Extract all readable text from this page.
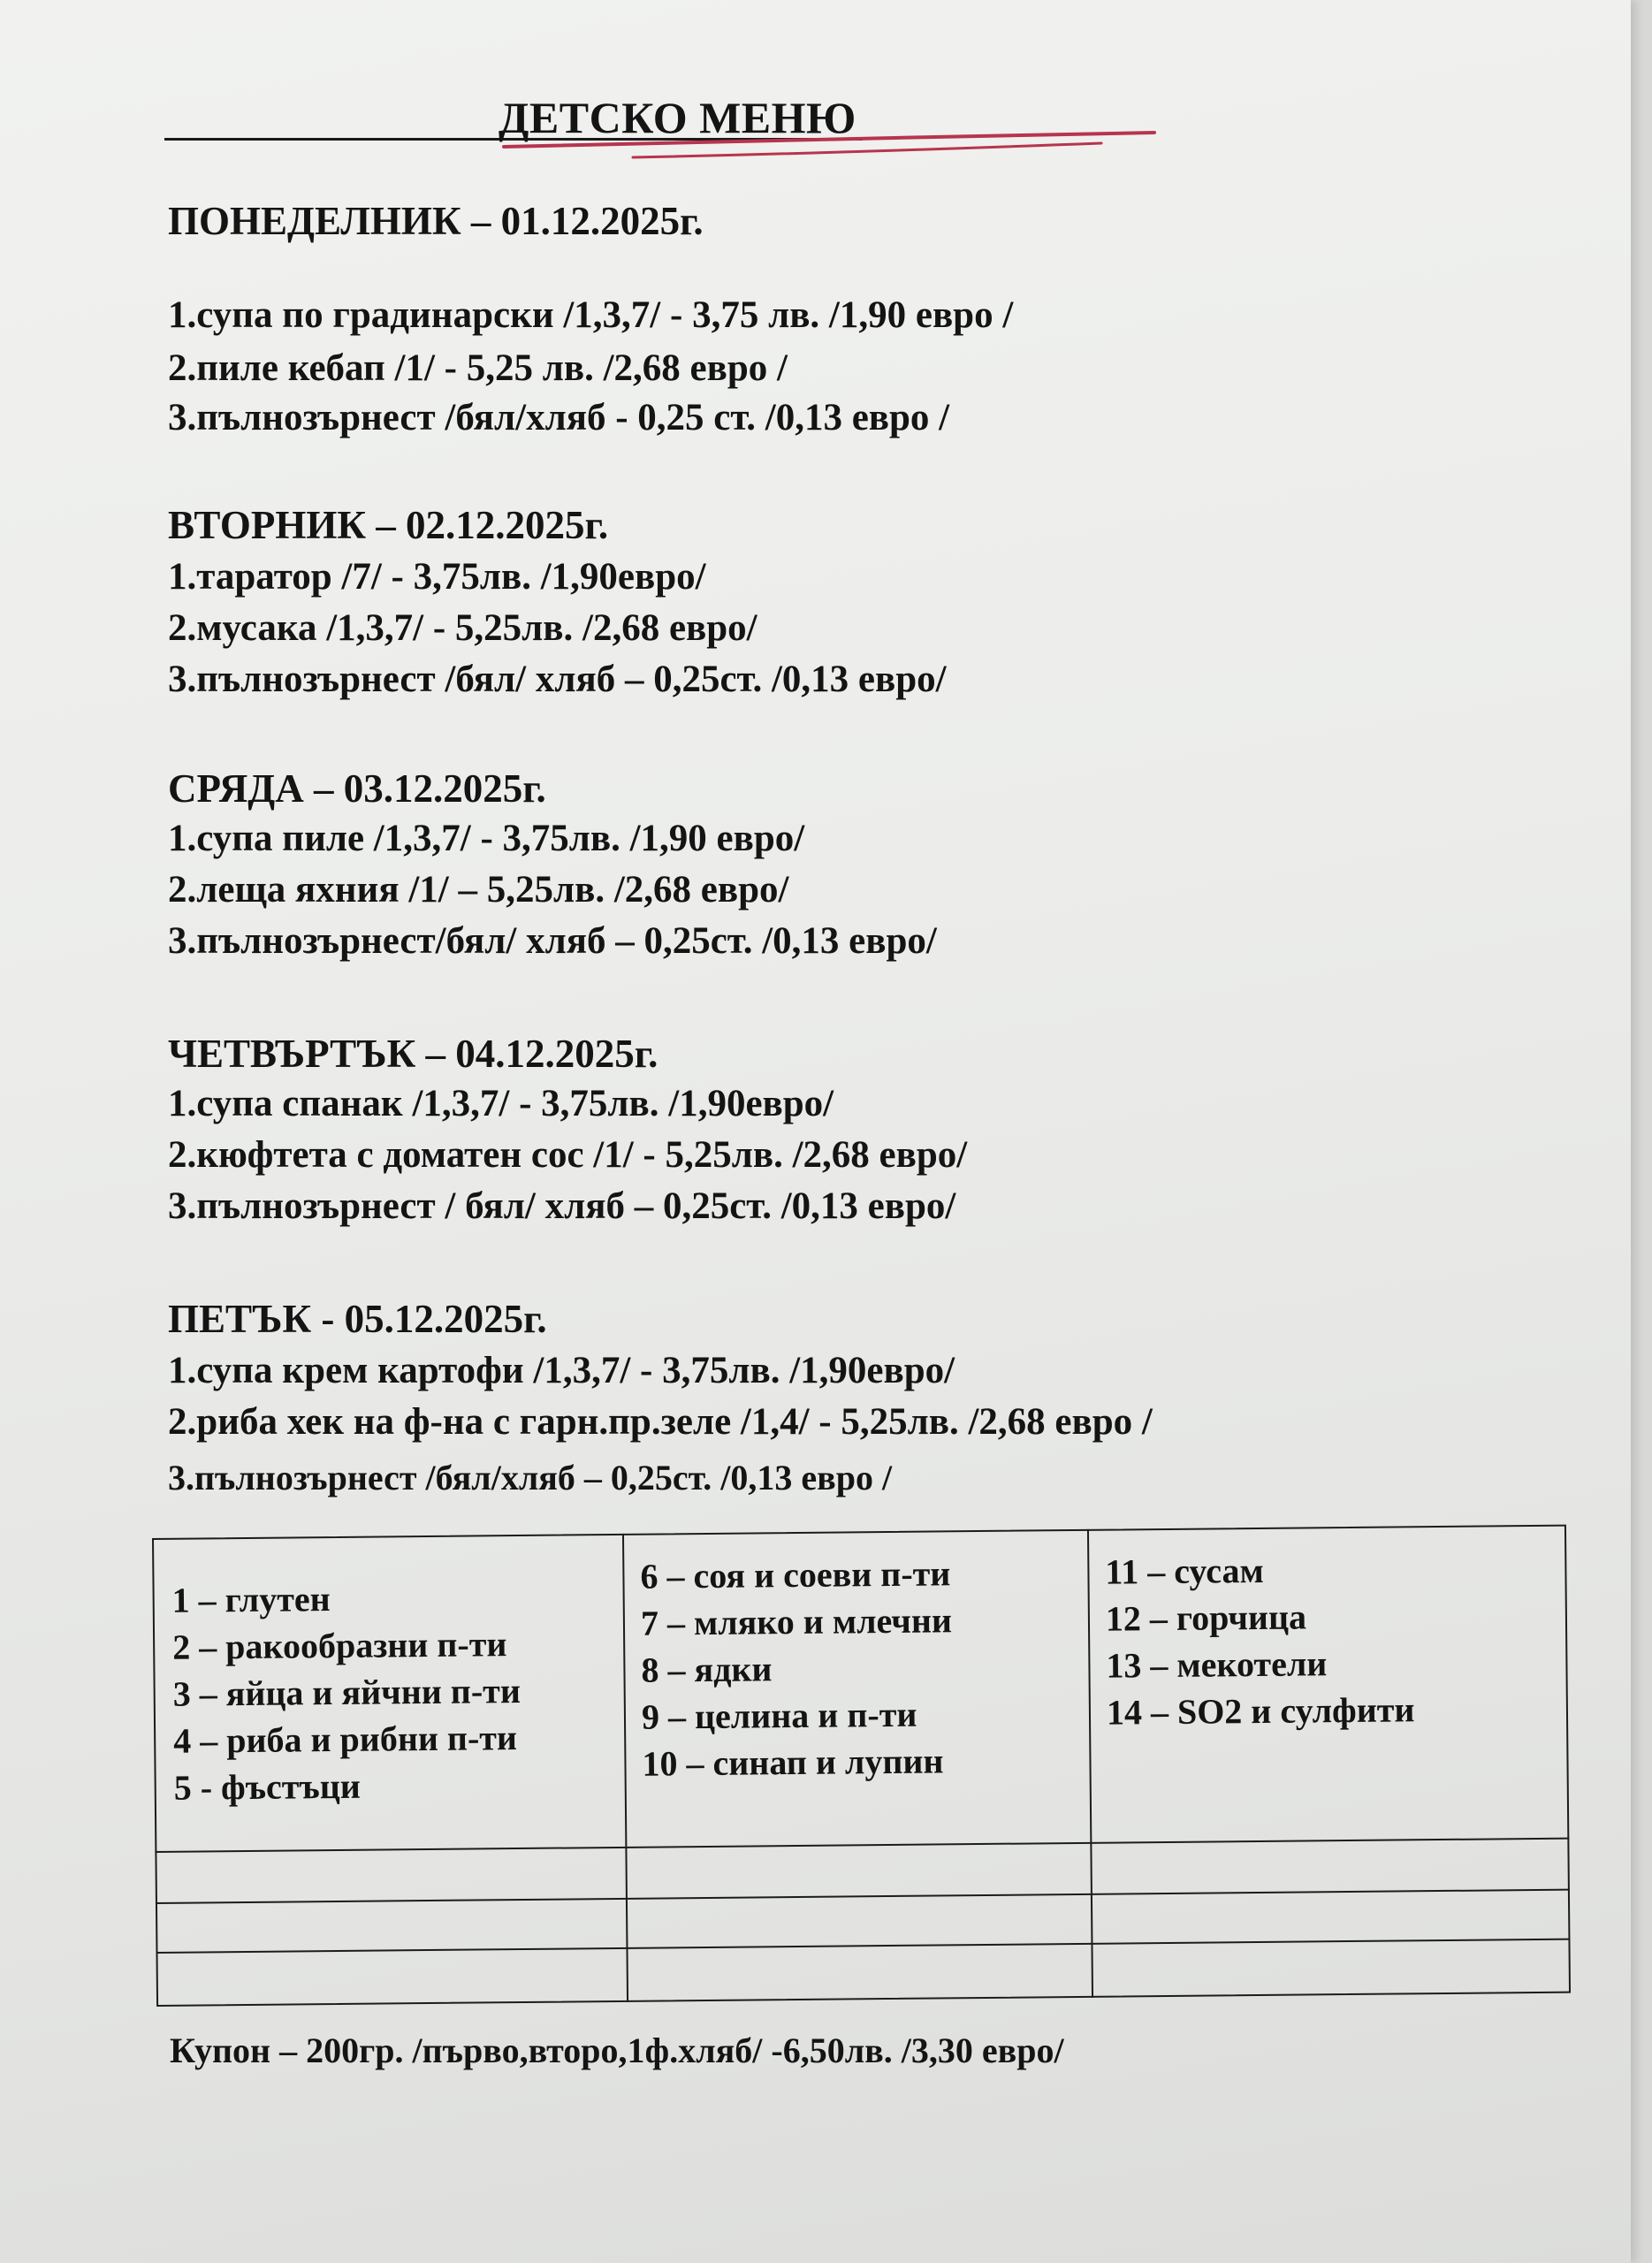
ДЕТСКО МЕНЮ
ПОНЕДЕЛНИК – 01.12.2025г.
1.супа по градинарски /1,3,7/ - 3,75 лв. /1,90 евро /
2.пиле кебап /1/ - 5,25 лв. /2,68 евро /
3.пълнозърнест /бял/хляб - 0,25 ст. /0,13 евро /
ВТОРНИК – 02.12.2025г.
1.таратор /7/ - 3,75лв. /1,90евро/
2.мусака /1,3,7/ - 5,25лв. /2,68 евро/
3.пълнозърнест /бял/ хляб – 0,25ст. /0,13 евро/
СРЯДА – 03.12.2025г.
1.супа пиле /1,3,7/ - 3,75лв. /1,90 евро/
2.леща яхния /1/ – 5,25лв. /2,68 евро/
3.пълнозърнест/бял/ хляб – 0,25ст. /0,13 евро/
ЧЕТВЪРТЪК – 04.12.2025г.
1.супа спанак /1,3,7/ - 3,75лв. /1,90евро/
2.кюфтета с доматен сос /1/ - 5,25лв. /2,68 евро/
3.пълнозърнест / бял/ хляб – 0,25ст. /0,13 евро/
ПЕТЪК - 05.12.2025г.
1.супа крем картофи /1,3,7/ - 3,75лв. /1,90евро/
2.риба хек на ф-на с гарн.пр.зеле /1,4/ - 5,25лв. /2,68 евро /
3.пълнозърнест /бял/хляб – 0,25ст. /0,13 евро /
1 – глутен
2 – ракообразни п-ти
3 – яйца и яйчни п-ти
4 – риба и рибни п-ти
5 - фъстъци
6 – соя и соеви п-ти
7 – мляко и млечни
8 – ядки
9 – целина и п-ти
10 – синап и лупин
11 – сусам
12 – горчица
13 – мекотели
14 – SO2 и сулфити
Купон – 200гр. /първо,второ,1ф.хляб/ -6,50лв. /3,30 евро/
